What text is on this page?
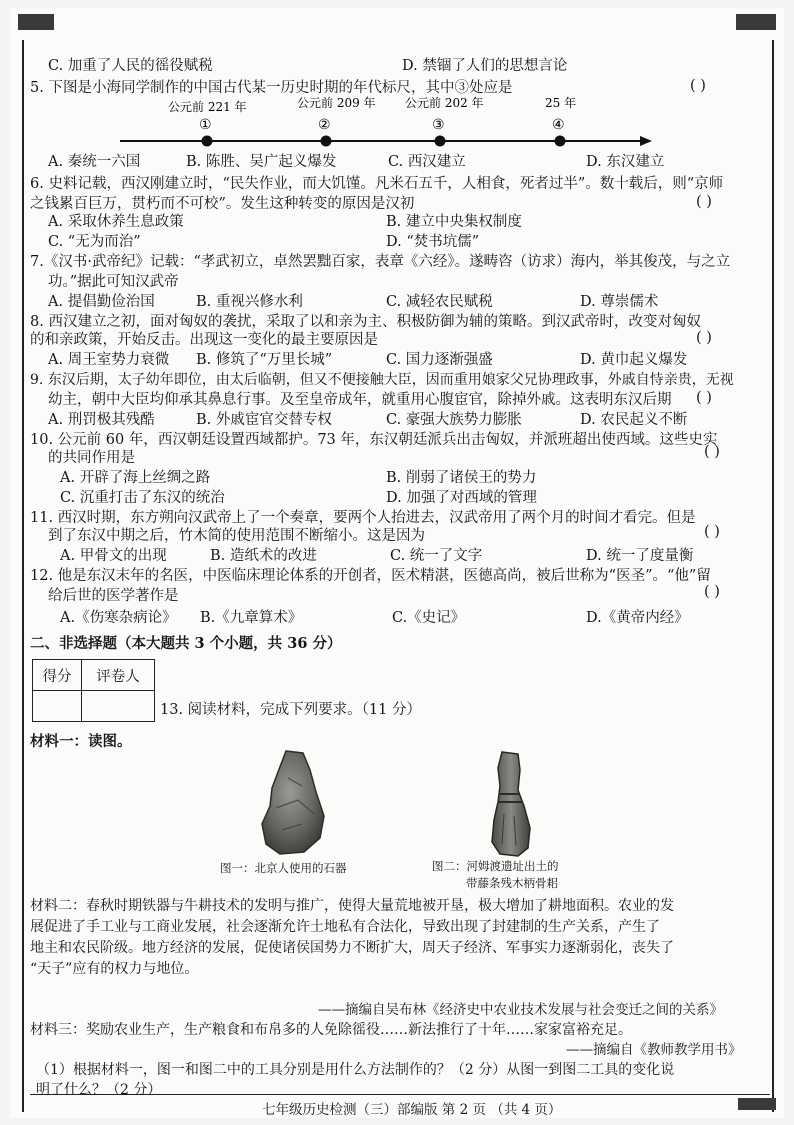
C. 加重了人民的徭役赋税	D. 禁锢了人们的思想言论
5. 下图是小海同学制作的中国古代某一历史时期的年代标尺，其中③处应是	( )
公元前 221 年	公元前 209 年 公元前 202 年	25 年
①	②	③	④
A. 秦统一六国	B. 陈胜、吴广起义爆发	C. 西汉建立	D. 东汉建立
6. 史料记载，西汉刚建立时，“民失作业，而大饥馑。凡米石五千，人相食，死者过半”。数十载后，则“京师
之钱累百巨万，贯朽而不可校”。发生这种转变的原因是汉初	( )
A. 采取休养生息政策	B. 建立中央集权制度
C. “无为而治”	D. “焚书坑儒”
7.《汉书·武帝纪》记载：“孝武初立，卓然罢黜百家，表章《六经》。遂畴咨（访求）海内，举其俊茂，与之立
功。”据此可知汉武帝
A. 提倡勤俭治国	B. 重视兴修水利	C. 减轻农民赋税	D. 尊崇儒术
8. 西汉建立之初，面对匈奴的袭扰，采取了以和亲为主、积极防御为辅的策略。到汉武帝时，改变对匈奴
的和亲政策，开始反击。出现这一变化的最主要原因是	( )
A. 周王室势力衰微 B. 修筑了“万里长城”	C. 国力逐渐强盛	D. 黄巾起义爆发
9. 东汉后期，太子幼年即位，由太后临朝，但又不便接触大臣，因而重用娘家父兄协理政事，外戚自恃亲贵，无视
幼主，朝中大臣均仰承其鼻息行事。及至皇帝成年，就重用心腹宦官，除掉外戚。这表明东汉后期 ( )
A. 刑罚极其残酷	B. 外戚宦官交替专权	C. 豪强大族势力膨胀	D. 农民起义不断
10. 公元前 60 年，西汉朝廷设置西域都护。73 年，东汉朝廷派兵出击匈奴，并派班超出使西域。这些史实
的共同作用是	( )
A. 开辟了海上丝绸之路	B. 削弱了诸侯王的势力
C. 沉重打击了东汉的统治	D. 加强了对西域的管理
11. 西汉时期，东方朔向汉武帝上了一个奏章，要两个人抬进去，汉武帝用了两个月的时间才看完。但是
到了东汉中期之后，竹木简的使用范围不断缩小。这是因为	( )
A. 甲骨文的出现	B. 造纸术的改进	C. 统一了文字	D. 统一了度量衡
12. 他是东汉末年的名医，中医临床理论体系的开创者，医术精湛，医德高尚，被后世称为“医圣”。“他”留
给后世的医学著作是	( )
A.《伤寒杂病论》 B.《九章算术》	C.《史记》	D.《黄帝内经》
二、非选择题（本大题共 3 个小题，共 36 分）
得分	评卷人

13. 阅读材料，完成下列要求。（11 分）
材料一：读图。
图一：北京人使用的石器	图二：河姆渡遗址出土的
带藤条残木柄骨耜
材料二：春秋时期铁器与牛耕技术的发明与推广，使得大量荒地被开垦，极大增加了耕地面积。农业的发
展促进了手工业与工商业发展，社会逐渐允许土地私有合法化，导致出现了封建制的生产关系，产生了
地主和农民阶级。地方经济的发展，促使诸侯国势力不断扩大，周天子经济、军事实力逐渐弱化，丧失了
“天子”应有的权力与地位。
——摘编自吴布林《经济史中农业技术发展与社会变迁之间的关系》
材料三：奖励农业生产，生产粮食和布帛多的人免除徭役……新法推行了十年……家家富裕充足。
——摘编自《教师教学用书》
（1）根据材料一，图一和图二中的工具分别是用什么方法制作的？（2 分）从图一到图二工具的变化说
明了什么？（2 分）
七年级历史检测（三）部编版 第 2 页 （共 4 页）
